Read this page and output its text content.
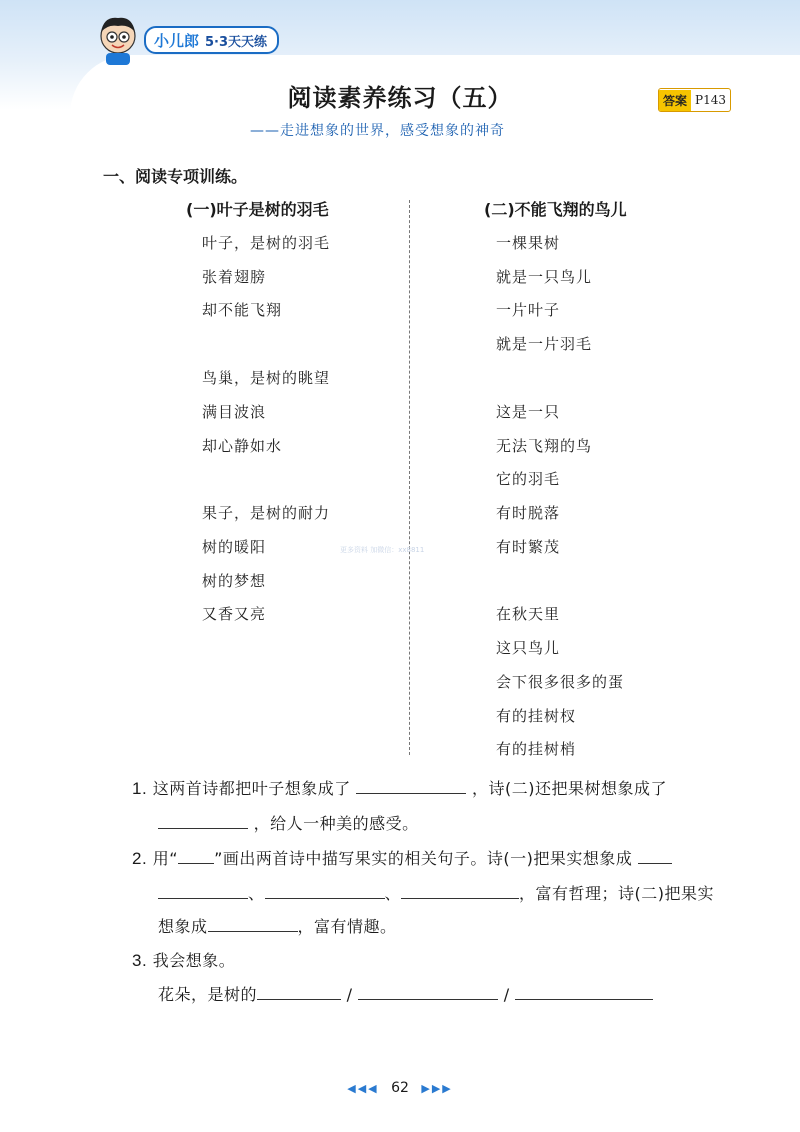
小儿郎 5·3天天练
阅读素养练习（五）	答案 P143
——走进想象的世界，感受想象的神奇
一、阅读专项训练。
(一)叶子是树的羽毛
叶子，是树的羽毛
张着翅膀
却不能飞翔
鸟巢，是树的眺望
满目波浪
却心静如水
果子，是树的耐力
树的暖阳
树的梦想
又香又亮
(二)不能飞翔的鸟儿
一棵果树
就是一只鸟儿
一片叶子
就是一片羽毛
这是一只
无法飞翔的鸟
它的羽毛
有时脱落
有时繁茂
在秋天里
这只鸟儿
会下很多很多的蛋
有的挂树杈
有的挂树梢
更多资料 加微信：xx8811
1. 这两首诗都把叶子想象成了	，诗(二)还把果树想象成了
，给人一种美的感受。
2. 用“ ”画出两首诗中描写果实的相关句子。诗(一)把果实想象成
、	、	，富有哲理；诗(二)把果实
想象成	，富有情趣。
3. 我会想象。
花朵，是树的	/	/
◀◀◀ 62 ▶▶▶
